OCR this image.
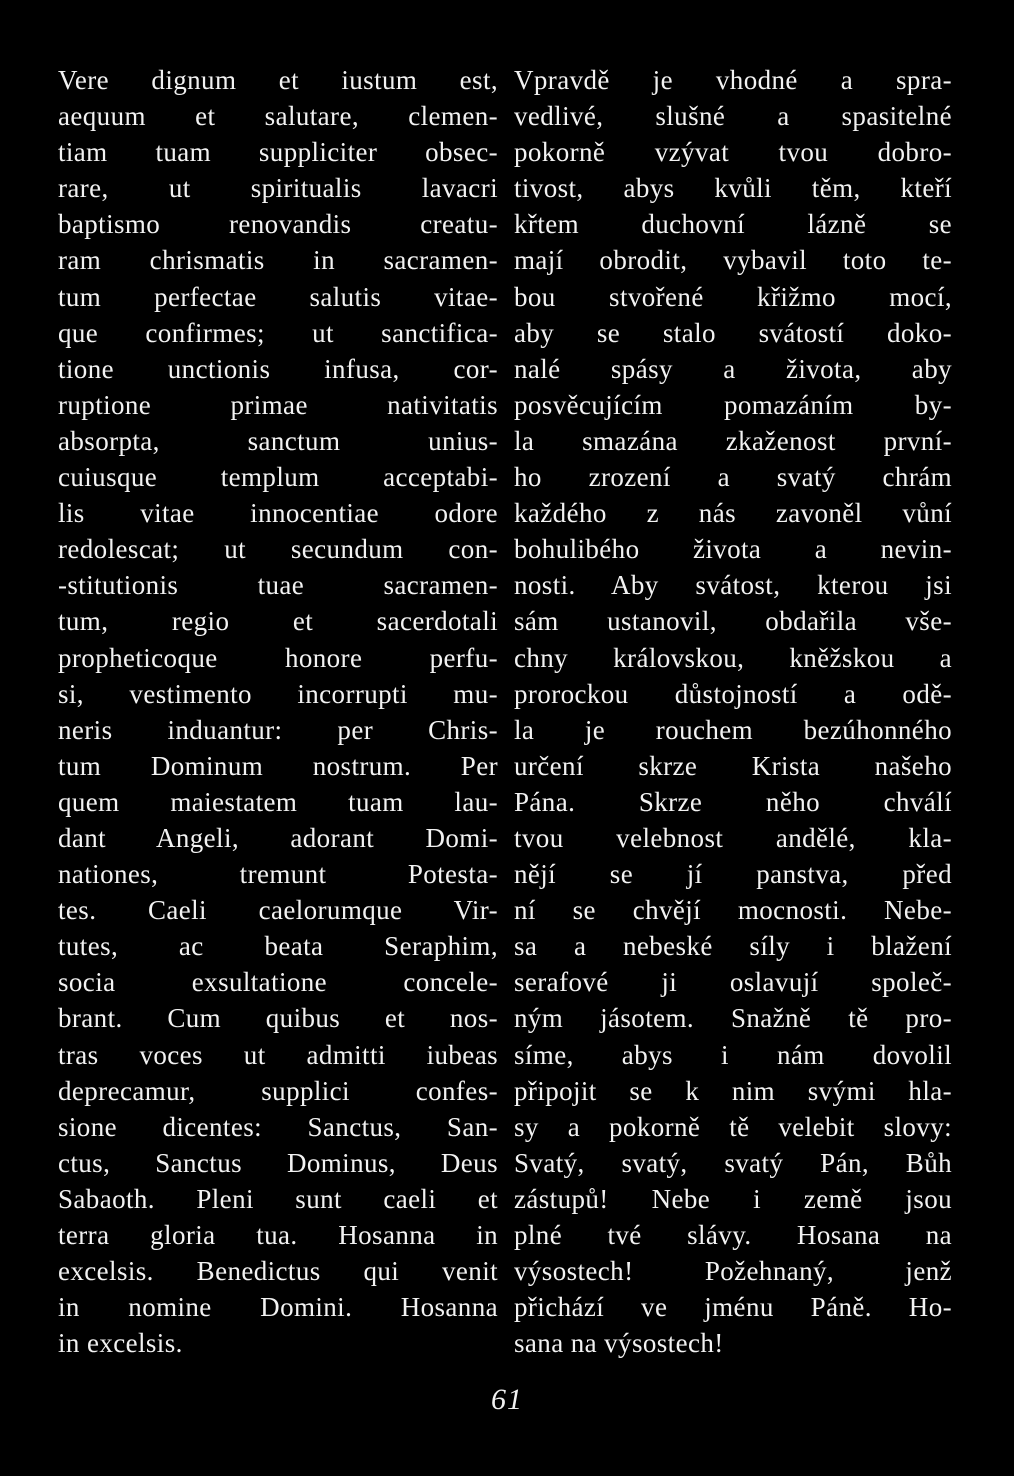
Vere dignum et iustum est,
aequum et salutare, clemen-
tiam tuam suppliciter obsec-
rare, ut spiritualis lavacri
baptismo renovandis creatu-
ram chrismatis in sacramen-
tum perfectae salutis vitae-
que confirmes; ut sanctifica-
tione unctionis infusa, cor-
ruptione primae nativitatis
absorpta, sanctum unius-
cuiusque templum acceptabi-
lis vitae innocentiae odore
redolescat; ut secundum con-
-stitutionis tuae sacramen-
tum, regio et sacerdotali
propheticoque honore perfu-
si, vestimento incorrupti mu-
neris induantur: per Chris-
tum Dominum nostrum. Per
quem maiestatem tuam lau-
dant Angeli, adorant Domi-
nationes, tremunt Potesta-
tes. Caeli caelorumque Vir-
tutes, ac beata Seraphim,
socia exsultatione concele-
brant. Cum quibus et nos-
tras voces ut admitti iubeas
deprecamur, supplici confes-
sione dicentes: Sanctus, San-
ctus, Sanctus Dominus, Deus
Sabaoth. Pleni sunt caeli et
terra gloria tua. Hosanna in
excelsis. Benedictus qui venit
in nomine Domini. Hosanna
in excelsis.
Vpravdě je vhodné a spra-
vedlivé, slušné a spasitelné
pokorně vzývat tvou dobro-
tivost, abys kvůli těm, kteří
křtem duchovní lázně se
mají obrodit, vybavil toto te-
bou stvořené křižmo mocí,
aby se stalo svátostí doko-
nalé spásy a života, aby
posvěcujícím pomazáním by-
la smazána zkaženost první-
ho zrození a svatý chrám
každého z nás zavoněl vůní
bohulibého života a nevin-
nosti. Aby svátost, kterou jsi
sám ustanovil, obdařila vše-
chny královskou, kněžskou a
prorockou důstojností a odě-
la je rouchem bezúhonného
určení skrze Krista našeho
Pána. Skrze něho chválí
tvou velebnost andělé, kla-
nějí se jí panstva, před
ní se chvějí mocnosti. Nebe-
sa a nebeské síly i blažení
serafové ji oslavují společ-
ným jásotem. Snažně tě pro-
síme, abys i nám dovolil
připojit se k nim svými hla-
sy a pokorně tě velebit slovy:
Svatý, svatý, svatý Pán, Bůh
zástupů! Nebe i země jsou
plné tvé slávy. Hosana na
výsostech! Požehnaný, jenž
přichází ve jménu Páně. Ho-
sana na výsostech!
61
